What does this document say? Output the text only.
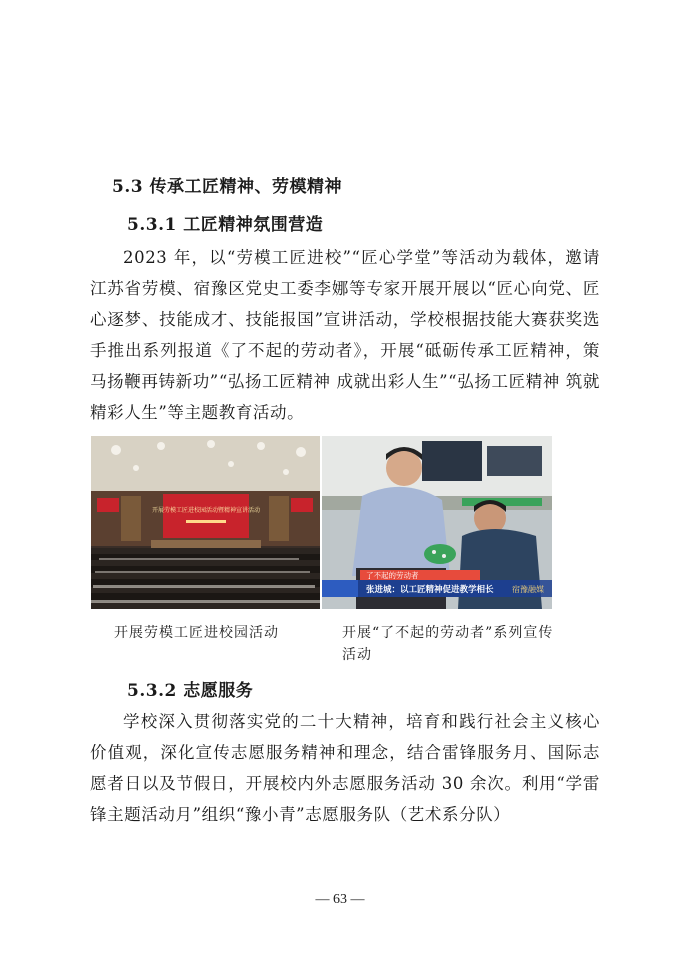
5.3 传承工匠精神、劳模精神
5.3.1 工匠精神氛围营造

2023 年，以“劳模工匠进校”“匠心学堂”等活动为载体，邀请江苏省劳模、宿豫区党史工委李娜等专家开展开展以“匠心向党、匠心逐梦、技能成才、技能报国”宣讲活动，学校根据技能大赛获奖选手推出系列报道《了不起的劳动者》，开展“砥砺传承工匠精神，策马扬鞭再铸新功”“弘扬工匠精神 成就出彩人生”“弘扬工匠精神 筑就精彩人生”等主题教育活动。

开展劳模工匠进校园活动暨精神宣讲活动
了不起的劳动者
张进城：以工匠精神促进教学相长 宿豫融媒
开展劳模工匠进校园活动	开展“了不起的劳动者”系列宣传活动
5.3.2 志愿服务

学校深入贯彻落实党的二十大精神，培育和践行社会主义核心价值观，深化宣传志愿服务精神和理念，结合雷锋服务月、国际志愿者日以及节假日，开展校内外志愿服务活动 30 余次。利用“学雷锋主题活动月”组织“豫小青”志愿服务队（艺术系分队）

— 63 —
